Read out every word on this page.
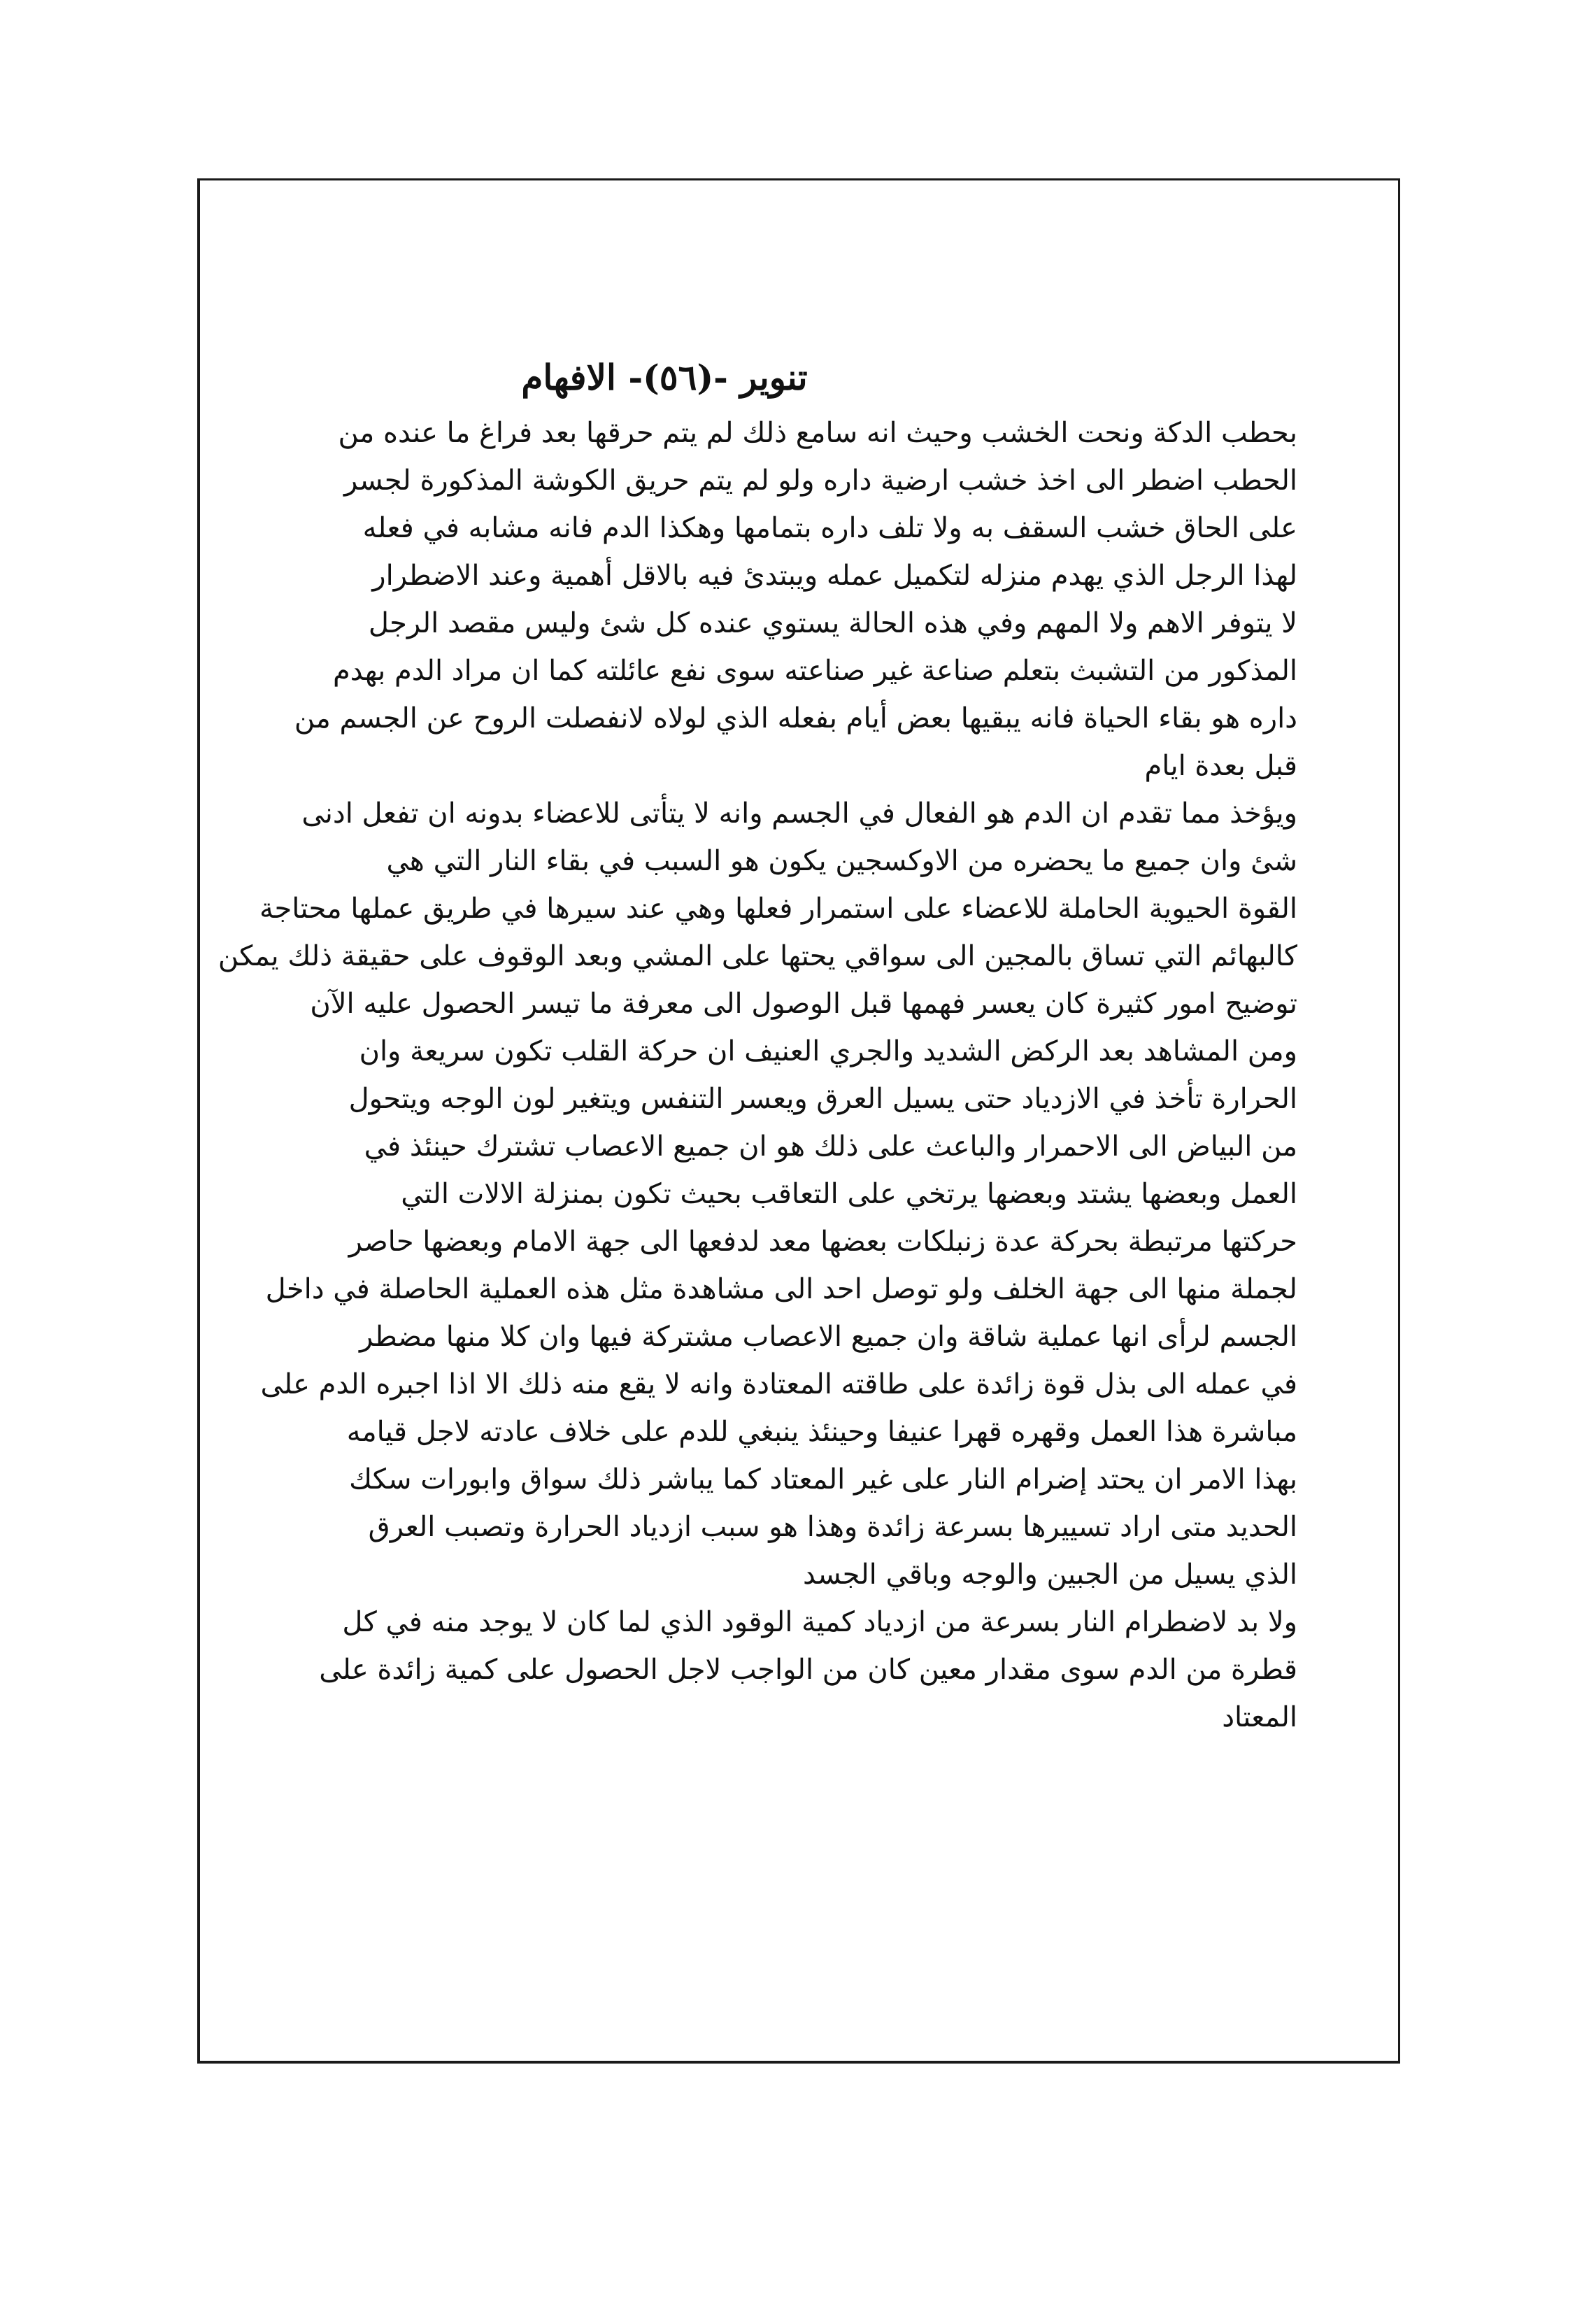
تنوير -(٥٦)- الافهام
بحطب الدكة ونحت الخشب وحيث انه سامع ذلك لم يتم حرقها بعد فراغ ما عنده من
الحطب اضطر الى اخذ خشب ارضية داره ولو لم يتم حريق الكوشة المذكورة لجسر
على الحاق خشب السقف به ولا تلف داره بتمامها وهكذا الدم فانه مشابه في فعله
لهذا الرجل الذي يهدم منزله لتكميل عمله ويبتدئ فيه بالاقل أهمية وعند الاضطرار
لا يتوفر الاهم ولا المهم وفي هذه الحالة يستوي عنده كل شئ وليس مقصد الرجل
المذكور من التشبث بتعلم صناعة غير صناعته سوى نفع عائلته كما ان مراد الدم بهدم
داره هو بقاء الحياة فانه يبقيها بعض أيام بفعله الذي لولاه لانفصلت الروح عن الجسم من
قبل بعدة ايام
ويؤخذ مما تقدم ان الدم هو الفعال في الجسم وانه لا يتأتى للاعضاء بدونه ان تفعل ادنى
شئ وان جميع ما يحضره من الاوكسجين يكون هو السبب في بقاء النار التي هي
القوة الحيوية الحاملة للاعضاء على استمرار فعلها وهي عند سيرها في طريق عملها محتاجة
كالبهائم التي تساق بالمجين الى سواقي يحتها على المشي وبعد الوقوف على حقيقة ذلك يمكن
توضيح امور كثيرة كان يعسر فهمها قبل الوصول الى معرفة ما تيسر الحصول عليه الآن
ومن المشاهد بعد الركض الشديد والجري العنيف ان حركة القلب تكون سريعة وان
الحرارة تأخذ في الازدياد حتى يسيل العرق ويعسر التنفس ويتغير لون الوجه ويتحول
من البياض الى الاحمرار والباعث على ذلك هو ان جميع الاعصاب تشترك حينئذ في
العمل وبعضها يشتد وبعضها يرتخي على التعاقب بحيث تكون بمنزلة الالات التي
حركتها مرتبطة بحركة عدة زنبلكات بعضها معد لدفعها الى جهة الامام وبعضها حاصر
لجملة منها الى جهة الخلف ولو توصل احد الى مشاهدة مثل هذه العملية الحاصلة في داخل
الجسم لرأى انها عملية شاقة وان جميع الاعصاب مشتركة فيها وان كلا منها مضطر
في عمله الى بذل قوة زائدة على طاقته المعتادة وانه لا يقع منه ذلك الا اذا اجبره الدم على
مباشرة هذا العمل وقهره قهرا عنيفا وحينئذ ينبغي للدم على خلاف عادته لاجل قيامه
بهذا الامر ان يحتد إضرام النار على غير المعتاد كما يباشر ذلك سواق وابورات سكك
الحديد متى اراد تسييرها بسرعة زائدة وهذا هو سبب ازدياد الحرارة وتصبب العرق
الذي يسيل من الجبين والوجه وباقي الجسد
ولا بد لاضطرام النار بسرعة من ازدياد كمية الوقود الذي لما كان لا يوجد منه في كل
قطرة من الدم سوى مقدار معين كان من الواجب لاجل الحصول على كمية زائدة على
المعتاد
